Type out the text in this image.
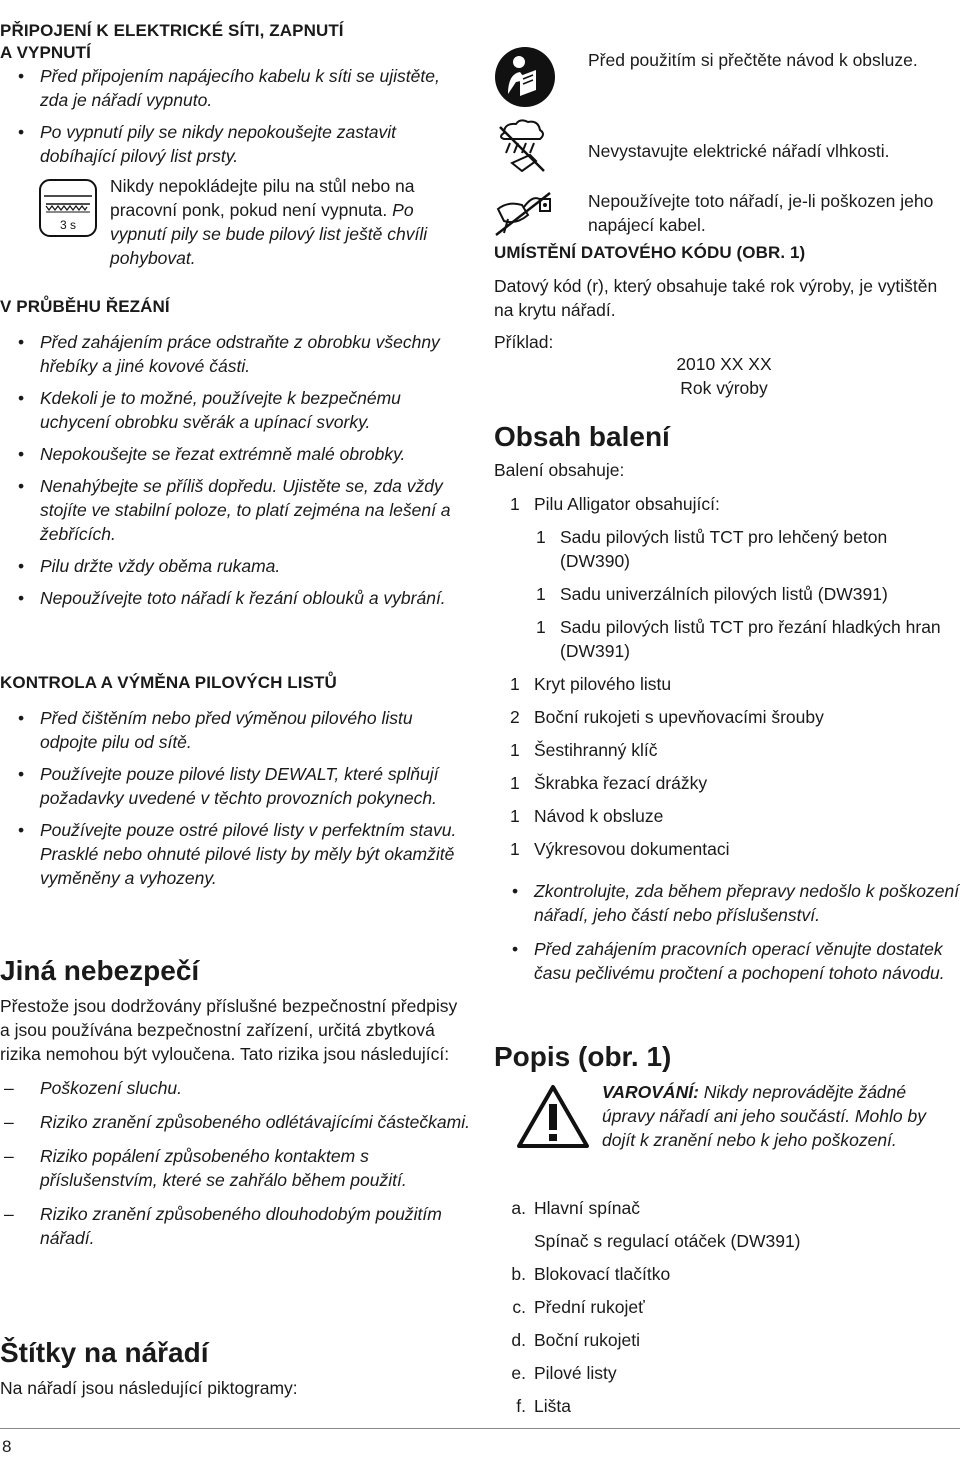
PŘIPOJENÍ K ELEKTRICKÉ SÍTI, ZAPNUTÍ
A VYPNUTÍ

• Před připojením napájecího kabelu k síti se ujistěte, zda je nářadí vypnuto.
• Po vypnutí pily se nikdy nepokoušejte zastavit dobíhající pilový list prsty.
3 s

Nikdy nepokládejte pilu na stůl nebo na pracovní ponk, pokud není vypnuta. Po vypnutí pily se bude pilový list ještě chvíli pohybovat.

V PRŮBĚHU ŘEZÁNÍ

• Před zahájením práce odstraňte z obrobku všechny hřebíky a jiné kovové části.
• Kdekoli je to možné, používejte k bezpečnému uchycení obrobku svěrák a upínací svorky.
• Nepokoušejte se řezat extrémně malé obrobky.
• Nenahýbejte se příliš dopředu. Ujistěte se, zda vždy stojíte ve stabilní poloze, to platí zejména na lešení a žebřících.
• Pilu držte vždy oběma rukama.
• Nepoužívejte toto nářadí k řezání oblouků a vybrání.

KONTROLA A VÝMĚNA PILOVÝCH LISTŮ

• Před čištěním nebo před výměnou pilového listu odpojte pilu od sítě.
• Používejte pouze pilové listy DEWALT, které splňují požadavky uvedené v těchto provozních pokynech.
• Používejte pouze ostré pilové listy v perfektním stavu. Prasklé nebo ohnuté pilové listy by měly být okamžitě vyměněny a vyhozeny.

Jiná nebezpečí

Přestože jsou dodržovány příslušné bezpečnostní předpisy a jsou používána bezpečnostní zařízení, určitá zbytková rizika nemohou být vyloučena. Tato rizika jsou následující:

– Poškození sluchu.
– Riziko zranění způsobeného odlétávajícími částečkami.
– Riziko popálení způsobeného kontaktem s příslušenstvím, které se zahřálo během použití.
– Riziko zranění způsobeného dlouhodobým použitím nářadí.

Štítky na nářadí

Na nářadí jsou následující piktogramy:

Před použitím si přečtěte návod k obsluze.

Nevystavujte elektrické nářadí vlhkosti.

Nepoužívejte toto nářadí, je-li poškozen jeho napájecí kabel.

UMÍSTĚNÍ DATOVÉHO KÓDU (OBR. 1)

Datový kód (r), který obsahuje také rok výroby, je vytištěn na krytu nářadí.

Příklad:

2010 XX XX
Rok výroby

Obsah balení

Balení obsahuje:

1 Pilu Alligator obsahující:
1 Sadu pilových listů TCT pro lehčený beton (DW390)
1 Sadu univerzálních pilových listů (DW391)
1 Sadu pilových listů TCT pro řezání hladkých hran (DW391)
1 Kryt pilového listu
2 Boční rukojeti s upevňovacími šrouby
1 Šestihranný klíč
1 Škrabka řezací drážky
1 Návod k obsluze
1 Výkresovou dokumentaci
• Zkontrolujte, zda během přepravy nedošlo k poškození nářadí, jeho částí nebo příslušenství.
• Před zahájením pracovních operací věnujte dostatek času pečlivému pročtení a pochopení tohoto návodu.

Popis (obr. 1)

VAROVÁNÍ: Nikdy neprovádějte žádné úpravy nářadí ani jeho součástí. Mohlo by dojít k zranění nebo k jeho poškození.

a. Hlavní spínač
Spínač s regulací otáček (DW391)
b. Blokovací tlačítko
c. Přední rukojeť
d. Boční rukojeti
e. Pilové listy
f. Lišta
8
